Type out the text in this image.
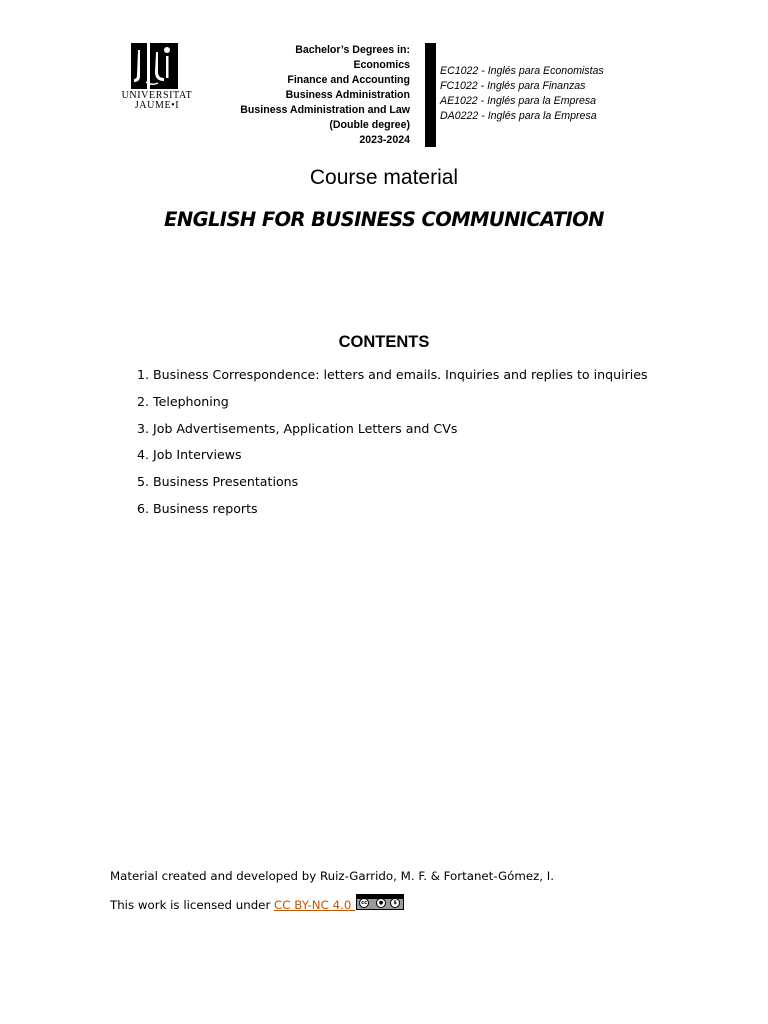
UNIVERSITAT
JAUME•I
Bachelor’s Degrees in:
Economics
Finance and Accounting
Business Administration
Business Administration and Law
(Double degree)
2023-2024
EC1022 - Inglés para Economistas
FC1022 - Inglés para Finanzas
AE1022 - Inglés para la Empresa
DA0222 - Inglés para la Empresa
Course material
ENGLISH FOR BUSINESS COMMUNICATION
CONTENTS
1. Business Correspondence: letters and emails. Inquiries and replies to inquiries
2. Telephoning
3. Job Advertisements, Application Letters and CVs
4. Job Interviews
5. Business Presentations
6. Business reports
Material created and developed by Ruiz-Garrido, M. F. & Fortanet-Gómez, I.
This work is licensed under CC BY-NC 4.0	cc	●	$
